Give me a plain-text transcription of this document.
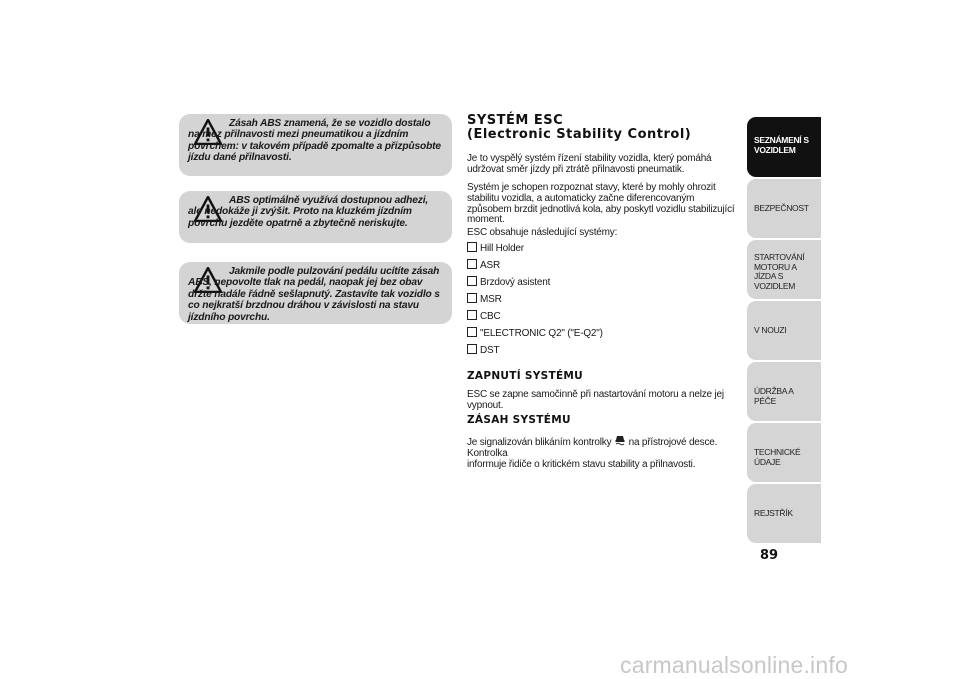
Zásah ABS znamená, že se vozidlo dostalo na mez přilnavosti mezi pneumatikou a jízdním povrchem: v takovém případě zpomalte a přizpůsobte jízdu dané přilnavosti.
ABS optimálně využívá dostupnou adhezi, ale nedokáže ji zvýšit. Proto na kluzkém jízdním povrchu jezděte opatrně a zbytečně neriskujte.
Jakmile podle pulzování pedálu ucítíte zásah ABS, nepovolte tlak na pedál, naopak jej bez obav držte nadále řádně sešlapnutý. Zastavíte tak vozidlo s co nejkratší brzdnou dráhou v závislosti na stavu jízdního povrchu.
SYSTÉM ESC
(Electronic Stability Control)
Je to vyspělý systém řízení stability vozidla, který pomáhá udržovat směr jízdy při ztrátě přilnavosti pneumatik.
Systém je schopen rozpoznat stavy, které by mohly ohrozit stabilitu vozidla, a automaticky začne diferencovaným způsobem brzdit jednotlivá kola, aby poskytl vozidlu stabilizující moment.
ESC obsahuje následující systémy:
Hill Holder
ASR
Brzdový asistent
MSR
CBC
"ELECTRONIC Q2" ("E-Q2")
DST
ZAPNUTÍ SYSTÉMU
ESC se zapne samočinně při nastartování motoru a nelze jej vypnout.
ZÁSAH SYSTÉMU
Je signalizován blikáním kontrolky na přístrojové desce. Kontrolka
informuje řidiče o kritickém stavu stability a přilnavosti.
SEZNÁMENÍ S VOZIDLEM
BEZPEČNOST
STARTOVÁNÍ MOTORU A JÍZDA S VOZIDLEM
V NOUZI
ÚDRŽBA A PÉČE
TECHNICKÉ ÚDAJE
REJSTŘÍK
89
carmanualsonline.info
